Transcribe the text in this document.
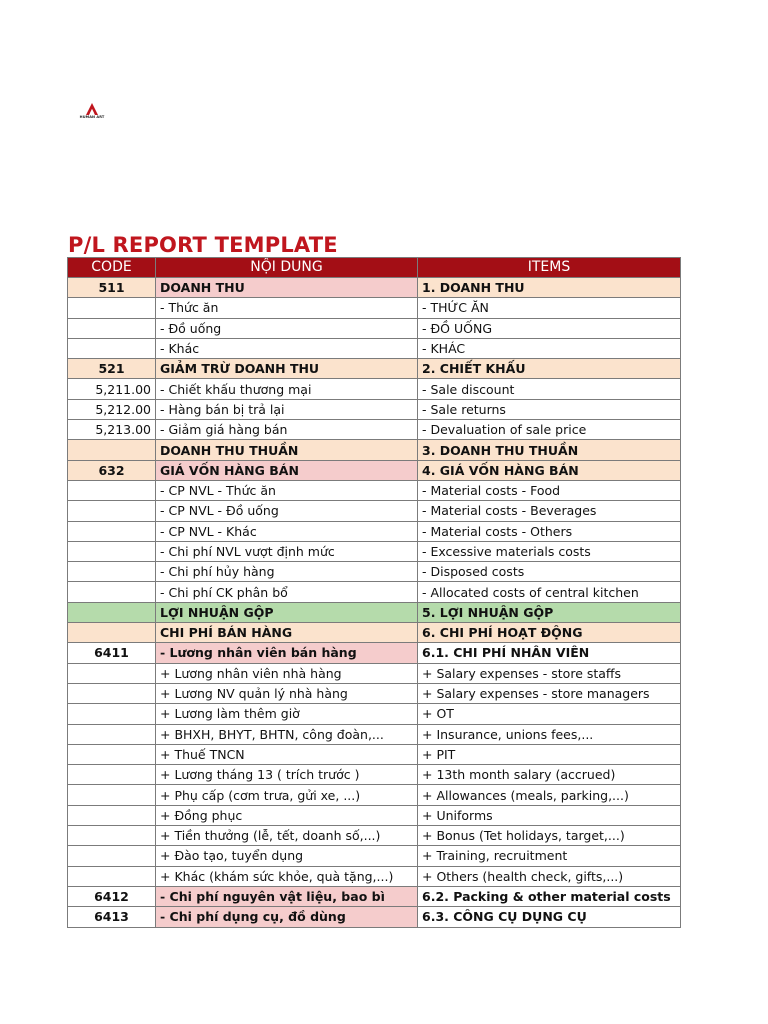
HUMAN ART
P/L REPORT TEMPLATE
CODE	NỘI DUNG	ITEMS
511	DOANH THU	1. DOANH THU
	- Thức ăn	- THỨC ĂN
	- Đồ uống	- ĐỒ UỐNG
	- Khác	- KHÁC
521	GIẢM TRỪ DOANH THU	2. CHIẾT KHẤU
5,211.00	- Chiết khấu thương mại	- Sale discount
5,212.00	- Hàng bán bị trả lại	- Sale returns
5,213.00	- Giảm giá hàng bán	- Devaluation of sale price
	DOANH THU THUẦN	3. DOANH THU THUẦN
632	GIÁ VỐN HÀNG BÁN	4. GIÁ VỐN HÀNG BÁN
	- CP NVL - Thức ăn	- Material costs - Food
	- CP NVL - Đồ uống	- Material costs - Beverages
	- CP NVL - Khác	- Material costs - Others
	- Chi phí NVL vượt định mức	- Excessive materials costs
	- Chi phí hủy hàng	- Disposed costs
	- Chi phí CK phân bổ	- Allocated costs of central kitchen
	LỢI NHUẬN GỘP	5. LỢI NHUẬN GỘP
	CHI PHÍ BÁN HÀNG	6. CHI PHÍ HOẠT ĐỘNG
6411	- Lương nhân viên bán hàng	6.1. CHI PHÍ NHÂN VIÊN
	+ Lương nhân viên nhà hàng	+ Salary expenses - store staffs
	+ Lương NV quản lý nhà hàng	+ Salary expenses - store managers
	+ Lương làm thêm giờ	+ OT
	+ BHXH, BHYT, BHTN, công đoàn,...	+ Insurance, unions fees,...
	+ Thuế TNCN	+ PIT
	+ Lương tháng 13 ( trích trước )	+ 13th month salary (accrued)
	+ Phụ cấp (cơm trưa, gửi xe, ...)	+ Allowances (meals, parking,...)
	+ Đồng phục	+ Uniforms
	+ Tiền thưởng (lễ, tết, doanh số,...)	+ Bonus (Tet holidays, target,...)
	+ Đào tạo, tuyển dụng	+ Training, recruitment
	+ Khác (khám sức khỏe, quà tặng,...)	+ Others (health check, gifts,...)
6412	- Chi phí nguyên vật liệu, bao bì	6.2. Packing & other material costs
6413	- Chi phí dụng cụ, đồ dùng	6.3. CÔNG CỤ DỤNG CỤ
